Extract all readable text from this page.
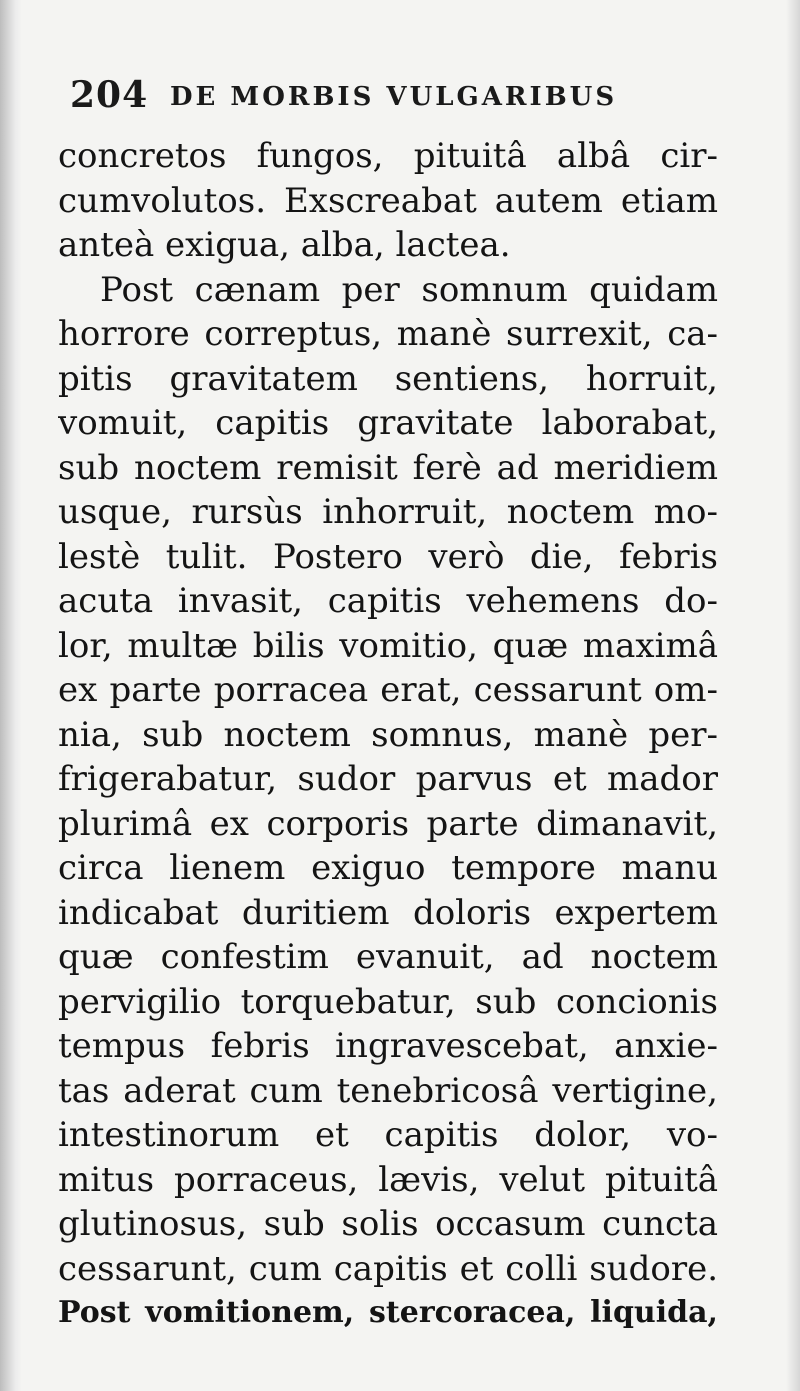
204 DE MORBIS VULGARIBUS
concretos fungos, pituitâ albâ cir-
cumvolutos. Exscreabat autem etiam
anteà exigua, alba, lactea.
Post cænam per somnum quidam
horrore correptus, manè surrexit, ca-
pitis gravitatem sentiens, horruit,
vomuit, capitis gravitate laborabat,
sub noctem remisit ferè ad meridiem
usque, rursùs inhorruit, noctem mo-
lestè tulit. Postero verò die, febris
acuta invasit, capitis vehemens do-
lor, multæ bilis vomitio, quæ maximâ
ex parte porracea erat, cessarunt om-
nia, sub noctem somnus, manè per-
frigerabatur, sudor parvus et mador
plurimâ ex corporis parte dimanavit,
circa lienem exiguo tempore manu
indicabat duritiem doloris expertem
quæ confestim evanuit, ad noctem
pervigilio torquebatur, sub concionis
tempus febris ingravescebat, anxie-
tas aderat cum tenebricosâ vertigine,
intestinorum et capitis dolor, vo-
mitus porraceus, lævis, velut pituitâ
glutinosus, sub solis occasum cuncta
cessarunt, cum capitis et colli sudore.
Post vomitionem, stercoracea, liquida,
